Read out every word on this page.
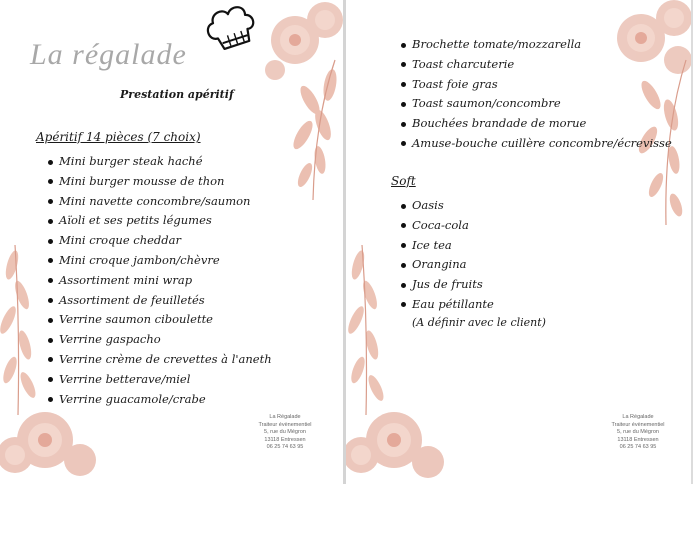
La régalade
Prestation apéritif
Apéritif 14 pièces (7 choix)
Mini burger steak haché
Mini burger mousse de thon
Mini navette concombre/saumon
Aïoli et ses petits légumes
Mini croque cheddar
Mini croque jambon/chèvre
Assortiment mini wrap
Assortiment de feuilletés
Verrine saumon ciboulette
Verrine gaspacho
Verrine crème de crevettes à l'aneth
Verrine betterave/miel
Verrine guacamole/crabe
La Régalade
Traiteur évènementiel
5, rue du Mégron
13118 Entressen
06 25 74 63 95
Brochette tomate/mozzarella
Toast charcuterie
Toast foie gras
Toast saumon/concombre
Bouchées brandade de morue
Amuse-bouche cuillère concombre/écrevisse
Soft
Oasis
Coca-cola
Ice tea
Orangina
Jus de fruits
Eau pétillante
(A définir avec le client)
La Régalade
Traiteur évènementiel
5, rue du Mégron
13118 Entressen
06 25 74 63 95
